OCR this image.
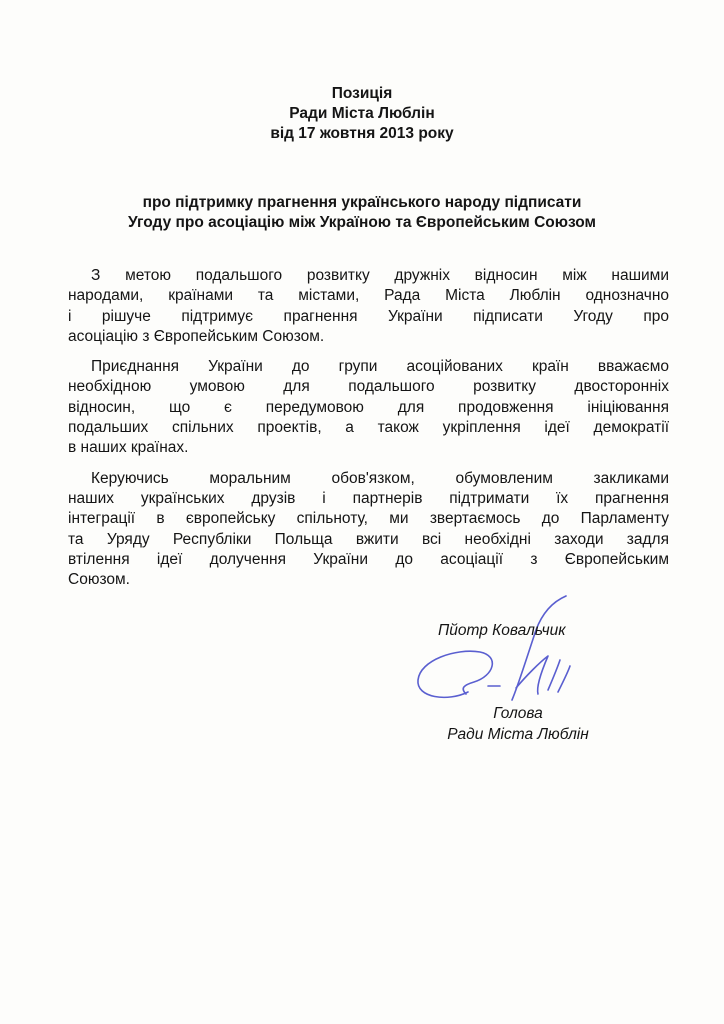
Позиція
Ради Міста Люблін
від 17 жовтня 2013 року
про підтримку прагнення українського народу підписати
Угоду про асоціацію між Україною та Європейським Союзом

З метою подальшого розвитку дружніх відносин між нашими
народами, країнами та містами, Рада Міста Люблін однозначно
і рішуче підтримує прагнення України підписати Угоду про
асоціацію з Європейським Союзом.

Приєднання України до групи асоційованих країн вважаємо
необхідною умовою для подальшого розвитку двосторонніх
відносин, що є передумовою для продовження ініціювання
подальших спільних проектів, а також укріплення ідеї демократії
в наших країнах.

Керуючись моральним обов'язком, обумовленим закликами
наших українських друзів і партнерів підтримати їх прагнення
інтеграції в європейську спільноту, ми звертаємось до Парламенту
та Уряду Республіки Польща вжити всі необхідні заходи задля
втілення ідеї долучення України до асоціації з Європейським
Союзом.

Пйотр Ковальчик
Голова
Ради Міста Люблін
